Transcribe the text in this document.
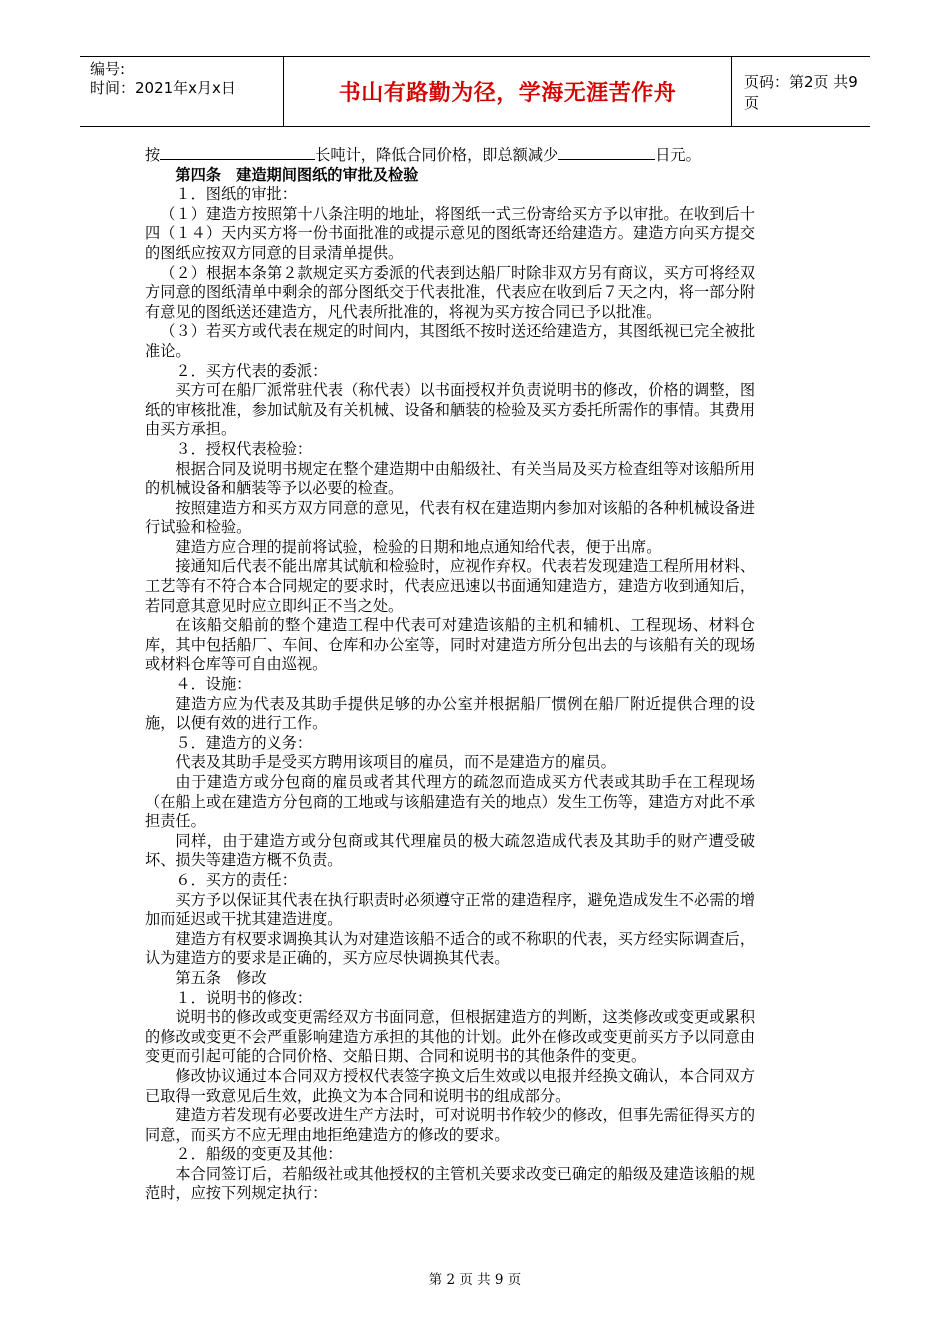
编号:
时间：2021年x月x日	书山有路勤为径，学海无涯苦作舟	页码：第2页 共9页

按	长吨计，降低合同价格，即总额减少	日元。

第四条　建造期间图纸的审批及检验

１．图纸的审批：

（１）建造方按照第十八条注明的地址，将图纸一式三份寄给买方予以审批。在收到后十四（１４）天内买方将一份书面批准的或提示意见的图纸寄还给建造方。建造方向买方提交的图纸应按双方同意的目录清单提供。

（２）根据本条第２款规定买方委派的代表到达船厂时除非双方另有商议，买方可将经双方同意的图纸清单中剩余的部分图纸交于代表批准，代表应在收到后７天之内，将一部分附有意见的图纸送还建造方，凡代表所批准的，将视为买方按合同已予以批准。

（３）若买方或代表在规定的时间内，其图纸不按时送还给建造方，其图纸视已完全被批准论。

２．买方代表的委派：

买方可在船厂派常驻代表（称代表）以书面授权并负责说明书的修改，价格的调整，图纸的审核批准，参加试航及有关机械、设备和舾装的检验及买方委托所需作的事情。其费用由买方承担。

３．授权代表检验：

根据合同及说明书规定在整个建造期中由船级社、有关当局及买方检查组等对该船所用的机械设备和舾装等予以必要的检查。

按照建造方和买方双方同意的意见，代表有权在建造期内参加对该船的各种机械设备进行试验和检验。

建造方应合理的提前将试验，检验的日期和地点通知给代表，便于出席。

接通知后代表不能出席其试航和检验时，应视作弃权。代表若发现建造工程所用材料、工艺等有不符合本合同规定的要求时，代表应迅速以书面通知建造方，建造方收到通知后，若同意其意见时应立即纠正不当之处。

在该船交船前的整个建造工程中代表可对建造该船的主机和辅机、工程现场、材料仓库，其中包括船厂、车间、仓库和办公室等，同时对建造方所分包出去的与该船有关的现场或材料仓库等可自由巡视。

４．设施：

建造方应为代表及其助手提供足够的办公室并根据船厂惯例在船厂附近提供合理的设施，以便有效的进行工作。

５．建造方的义务：

代表及其助手是受买方聘用该项目的雇员，而不是建造方的雇员。

由于建造方或分包商的雇员或者其代理方的疏忽而造成买方代表或其助手在工程现场（在船上或在建造方分包商的工地或与该船建造有关的地点）发生工伤等，建造方对此不承担责任。

同样，由于建造方或分包商或其代理雇员的极大疏忽造成代表及其助手的财产遭受破坏、损失等建造方概不负责。

６．买方的责任：

买方予以保证其代表在执行职责时必须遵守正常的建造程序，避免造成发生不必需的增加而延迟或干扰其建造进度。

建造方有权要求调换其认为对建造该船不适合的或不称职的代表，买方经实际调查后，认为建造方的要求是正确的，买方应尽快调换其代表。

第五条　修改

１．说明书的修改：

说明书的修改或变更需经双方书面同意，但根据建造方的判断，这类修改或变更或累积的修改或变更不会严重影响建造方承担的其他的计划。此外在修改或变更前买方予以同意由变更而引起可能的合同价格、交船日期、合同和说明书的其他条件的变更。

修改协议通过本合同双方授权代表签字换文后生效或以电报并经换文确认，本合同双方已取得一致意见后生效，此换文为本合同和说明书的组成部分。

建造方若发现有必要改进生产方法时，可对说明书作较少的修改，但事先需征得买方的同意，而买方不应无理由地拒绝建造方的修改的要求。

２．船级的变更及其他：

本合同签订后，若船级社或其他授权的主管机关要求改变已确定的船级及建造该船的规范时，应按下列规定执行：

第 2 页 共 9 页
